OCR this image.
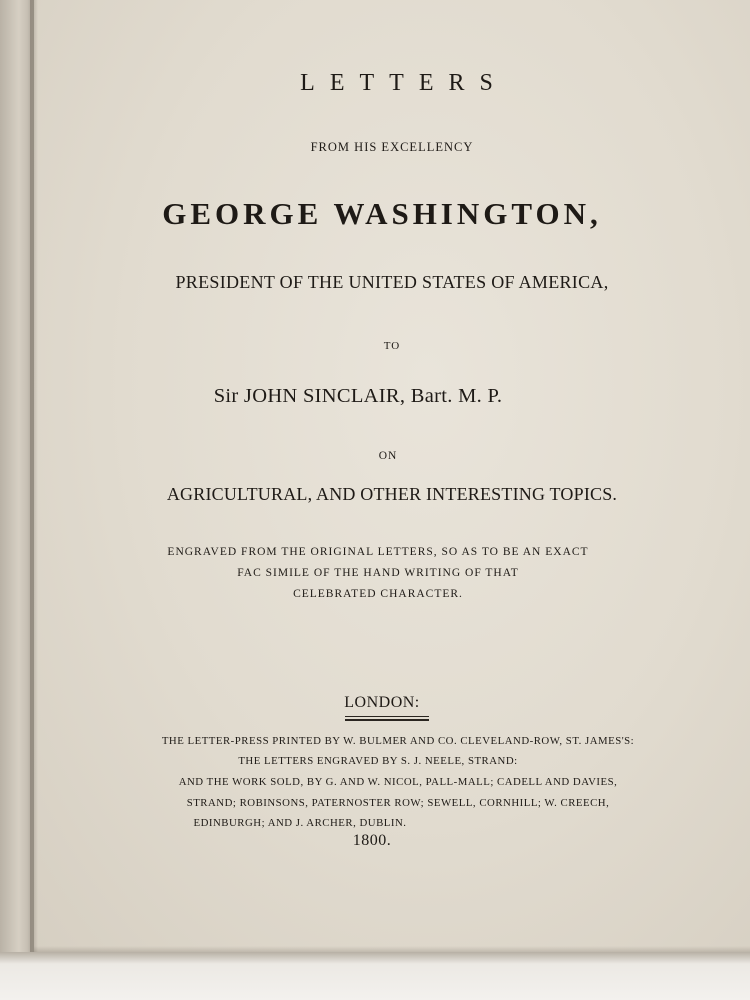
LETTERS
FROM HIS EXCELLENCY
GEORGE WASHINGTON,
PRESIDENT OF THE UNITED STATES OF AMERICA,
TO
Sir JOHN SINCLAIR, Bart. M. P.
ON
AGRICULTURAL, AND OTHER INTERESTING TOPICS.
ENGRAVED FROM THE ORIGINAL LETTERS, SO AS TO BE AN EXACT
FAC SIMILE OF THE HAND WRITING OF THAT
CELEBRATED CHARACTER.
LONDON:
THE LETTER-PRESS PRINTED BY W. BULMER AND CO. CLEVELAND-ROW, ST. JAMES'S:
THE LETTERS ENGRAVED BY S. J. NEELE, STRAND:
AND THE WORK SOLD, BY G. AND W. NICOL, PALL-MALL; CADELL AND DAVIES,
STRAND; ROBINSONS, PATERNOSTER ROW; SEWELL, CORNHILL; W. CREECH,
EDINBURGH; AND J. ARCHER, DUBLIN.
1800.
